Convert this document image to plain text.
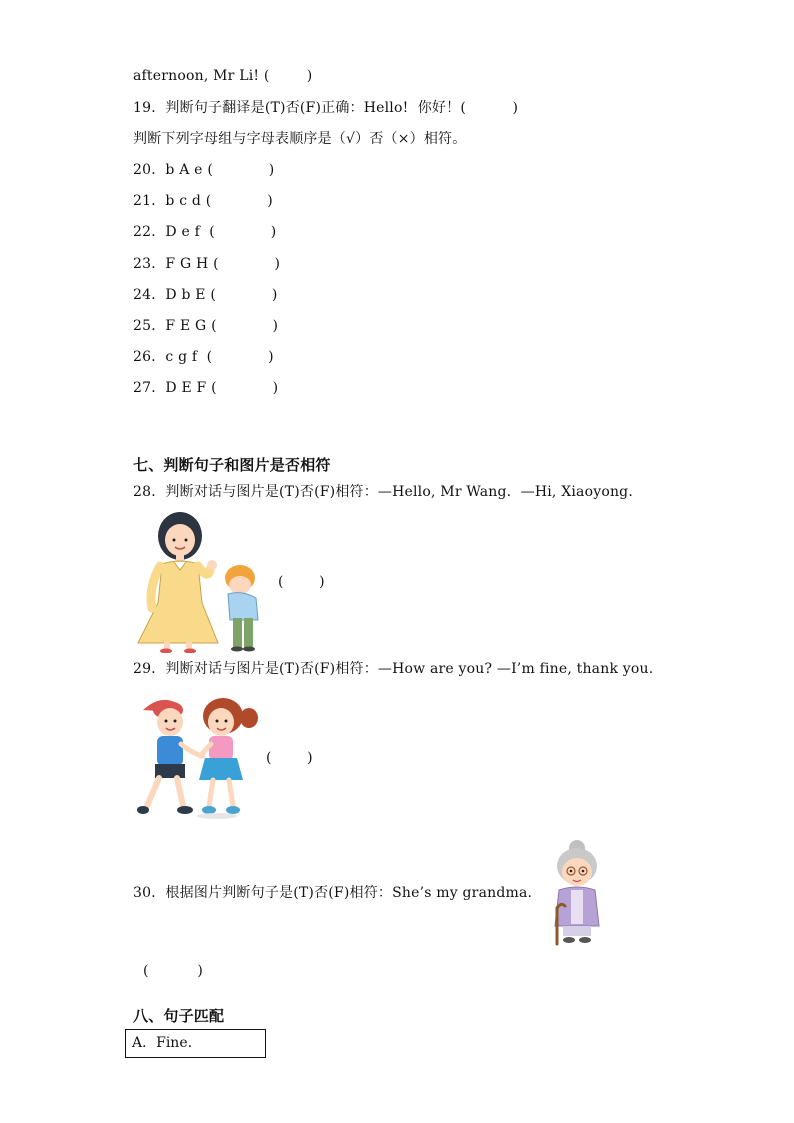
afternoon, Mr Li! (        )
19．判断句子翻译是(T)否(F)正确：Hello!  你好！(          )
判断下列字母组与字母表顺序是（√）否（×）相符。
20．b A e (            )
21．b c d (            )
22．D e f  (            )
23．F G H (            )
24．D b E (            )
25．F E G (            )
26．c g f  (            )
27．D E F (            )
七、判断句子和图片是否相符
28．判断对话与图片是(T)否(F)相符：—Hello, Mr Wang.  —Hi, Xiaoyong.
(        )
29．判断对话与图片是(T)否(F)相符：—How are you? —I’m fine, thank you.
(        )
30．根据图片判断句子是(T)否(F)相符：She’s my grandma.
(           )
八、句子匹配
A．Fine.
